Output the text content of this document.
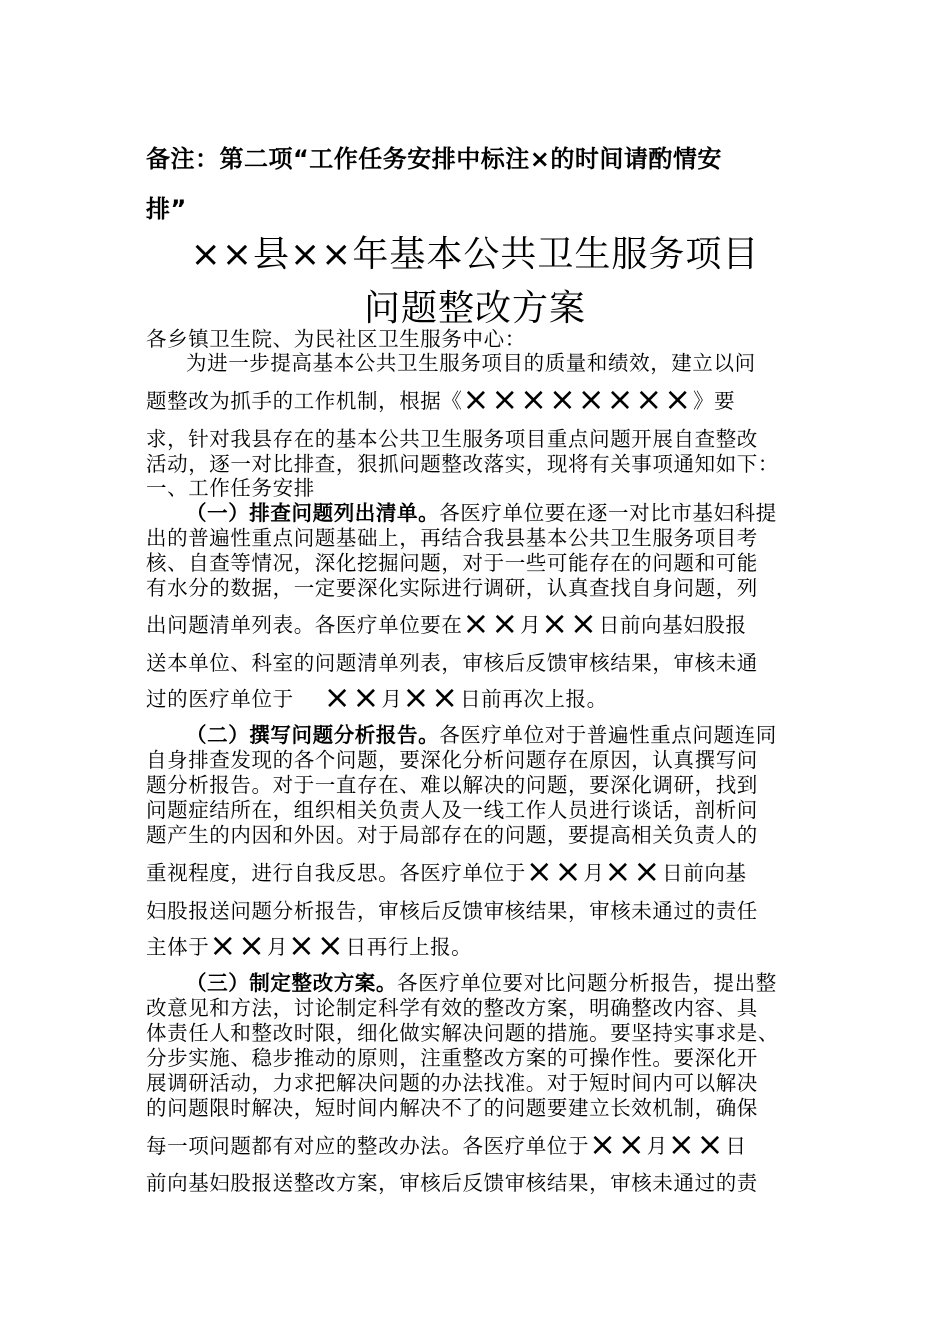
备注：第二项“工作任务安排中标注×的时间请酌情安
排”
××县××年基本公共卫生服务项目
问题整改方案
各乡镇卫生院、为民社区卫生服务中心：
为进一步提高基本公共卫生服务项目的质量和绩效，建立以问
题整改为抓手的工作机制，根据《××××××××》要
求，针对我县存在的基本公共卫生服务项目重点问题开展自查整改
活动，逐一对比排查，狠抓问题整改落实，现将有关事项通知如下：
一、工作任务安排
（一）排查问题列出清单。各医疗单位要在逐一对比市基妇科提
出的普遍性重点问题基础上，再结合我县基本公共卫生服务项目考
核、自查等情况，深化挖掘问题，对于一些可能存在的问题和可能
有水分的数据，一定要深化实际进行调研，认真查找自身问题，列
出问题清单列表。各医疗单位要在××月××日前向基妇股报
送本单位、科室的问题清单列表，审核后反馈审核结果，审核未通
过的医疗单位于 ××月××日前再次上报。
（二）撰写问题分析报告。各医疗单位对于普遍性重点问题连同
自身排查发现的各个问题，要深化分析问题存在原因，认真撰写问
题分析报告。对于一直存在、难以解决的问题，要深化调研，找到
问题症结所在，组织相关负责人及一线工作人员进行谈话，剖析问
题产生的内因和外因。对于局部存在的问题，要提高相关负责人的
重视程度，进行自我反思。各医疗单位于××月××日前向基
妇股报送问题分析报告，审核后反馈审核结果，审核未通过的责任
主体于××月××日再行上报。
（三）制定整改方案。各医疗单位要对比问题分析报告，提出整
改意见和方法，讨论制定科学有效的整改方案，明确整改内容、具
体责任人和整改时限，细化做实解决问题的措施。要坚持实事求是、
分步实施、稳步推动的原则，注重整改方案的可操作性。要深化开
展调研活动，力求把解决问题的办法找准。对于短时间内可以解决
的问题限时解决，短时间内解决不了的问题要建立长效机制，确保
每一项问题都有对应的整改办法。各医疗单位于××月××日
前向基妇股报送整改方案，审核后反馈审核结果，审核未通过的责
